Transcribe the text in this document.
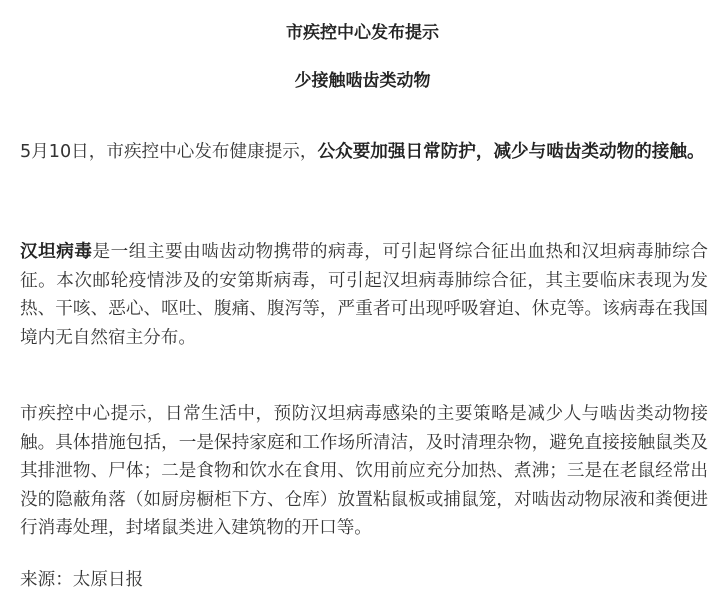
市疾控中心发布提示
少接触啮齿类动物
5月10日，市疾控中心发布健康提示，公众要加强日常防护，减少与啮齿类动物的接触。
汉坦病毒是一组主要由啮齿动物携带的病毒，可引起肾综合征出血热和汉坦病毒肺综合征。本次邮轮疫情涉及的安第斯病毒，可引起汉坦病毒肺综合征，其主要临床表现为发热、干咳、恶心、呕吐、腹痛、腹泻等，严重者可出现呼吸窘迫、休克等。该病毒在我国境内无自然宿主分布。
市疾控中心提示，日常生活中，预防汉坦病毒感染的主要策略是减少人与啮齿类动物接触。具体措施包括，一是保持家庭和工作场所清洁，及时清理杂物，避免直接接触鼠类及其排泄物、尸体；二是食物和饮水在食用、饮用前应充分加热、煮沸；三是在老鼠经常出没的隐蔽角落（如厨房橱柜下方、仓库）放置粘鼠板或捕鼠笼，对啮齿动物尿液和粪便进行消毒处理，封堵鼠类进入建筑物的开口等。
来源：太原日报
